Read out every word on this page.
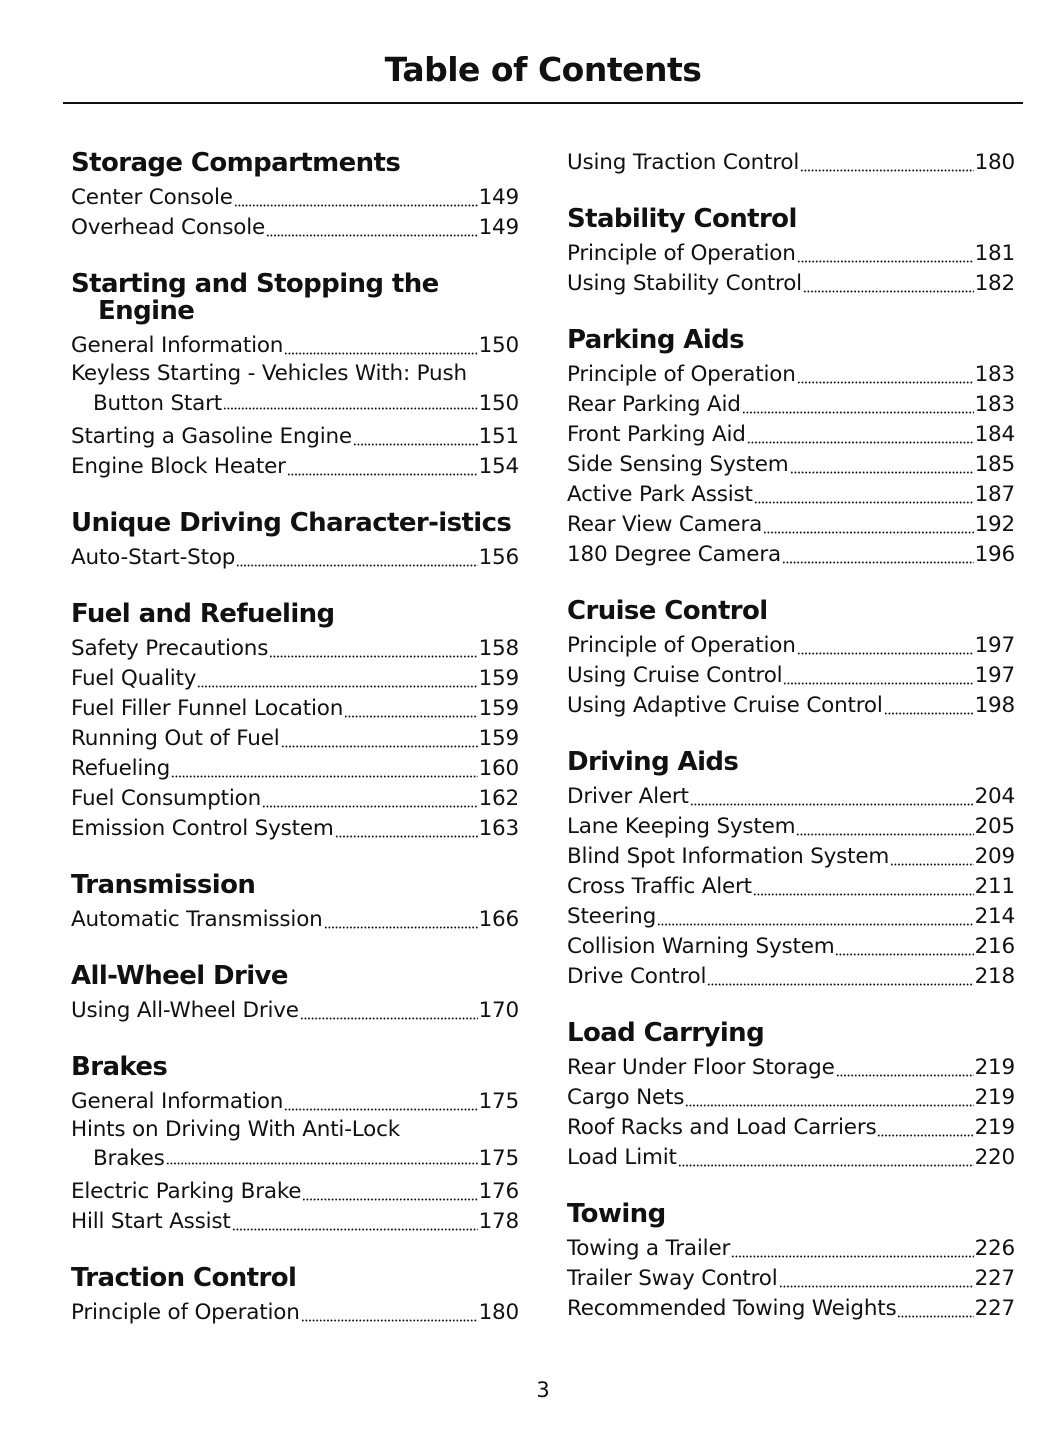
Table of Contents
Storage Compartments
Center Console	149
Overhead Console	149
Starting and Stopping the Engine
General Information	150
Keyless Starting - Vehicles With: Push
Button Start	150
Starting a Gasoline Engine	151
Engine Block Heater	154
Unique Driving Character-istics
Auto-Start-Stop	156
Fuel and Refueling
Safety Precautions	158
Fuel Quality	159
Fuel Filler Funnel Location	159
Running Out of Fuel	159
Refueling	160
Fuel Consumption	162
Emission Control System	163
Transmission
Automatic Transmission	166
All-Wheel Drive
Using All-Wheel Drive	170
Brakes
General Information	175
Hints on Driving With Anti-Lock
Brakes	175
Electric Parking Brake	176
Hill Start Assist	178
Traction Control
Principle of Operation	180
Using Traction Control	180
Stability Control
Principle of Operation	181
Using Stability Control	182
Parking Aids
Principle of Operation	183
Rear Parking Aid	183
Front Parking Aid	184
Side Sensing System	185
Active Park Assist	187
Rear View Camera	192
180 Degree Camera	196
Cruise Control
Principle of Operation	197
Using Cruise Control	197
Using Adaptive Cruise Control	198
Driving Aids
Driver Alert	204
Lane Keeping System	205
Blind Spot Information System	209
Cross Traffic Alert	211
Steering	214
Collision Warning System	216
Drive Control	218
Load Carrying
Rear Under Floor Storage	219
Cargo Nets	219
Roof Racks and Load Carriers	219
Load Limit	220
Towing
Towing a Trailer	226
Trailer Sway Control	227
Recommended Towing Weights	227
3
